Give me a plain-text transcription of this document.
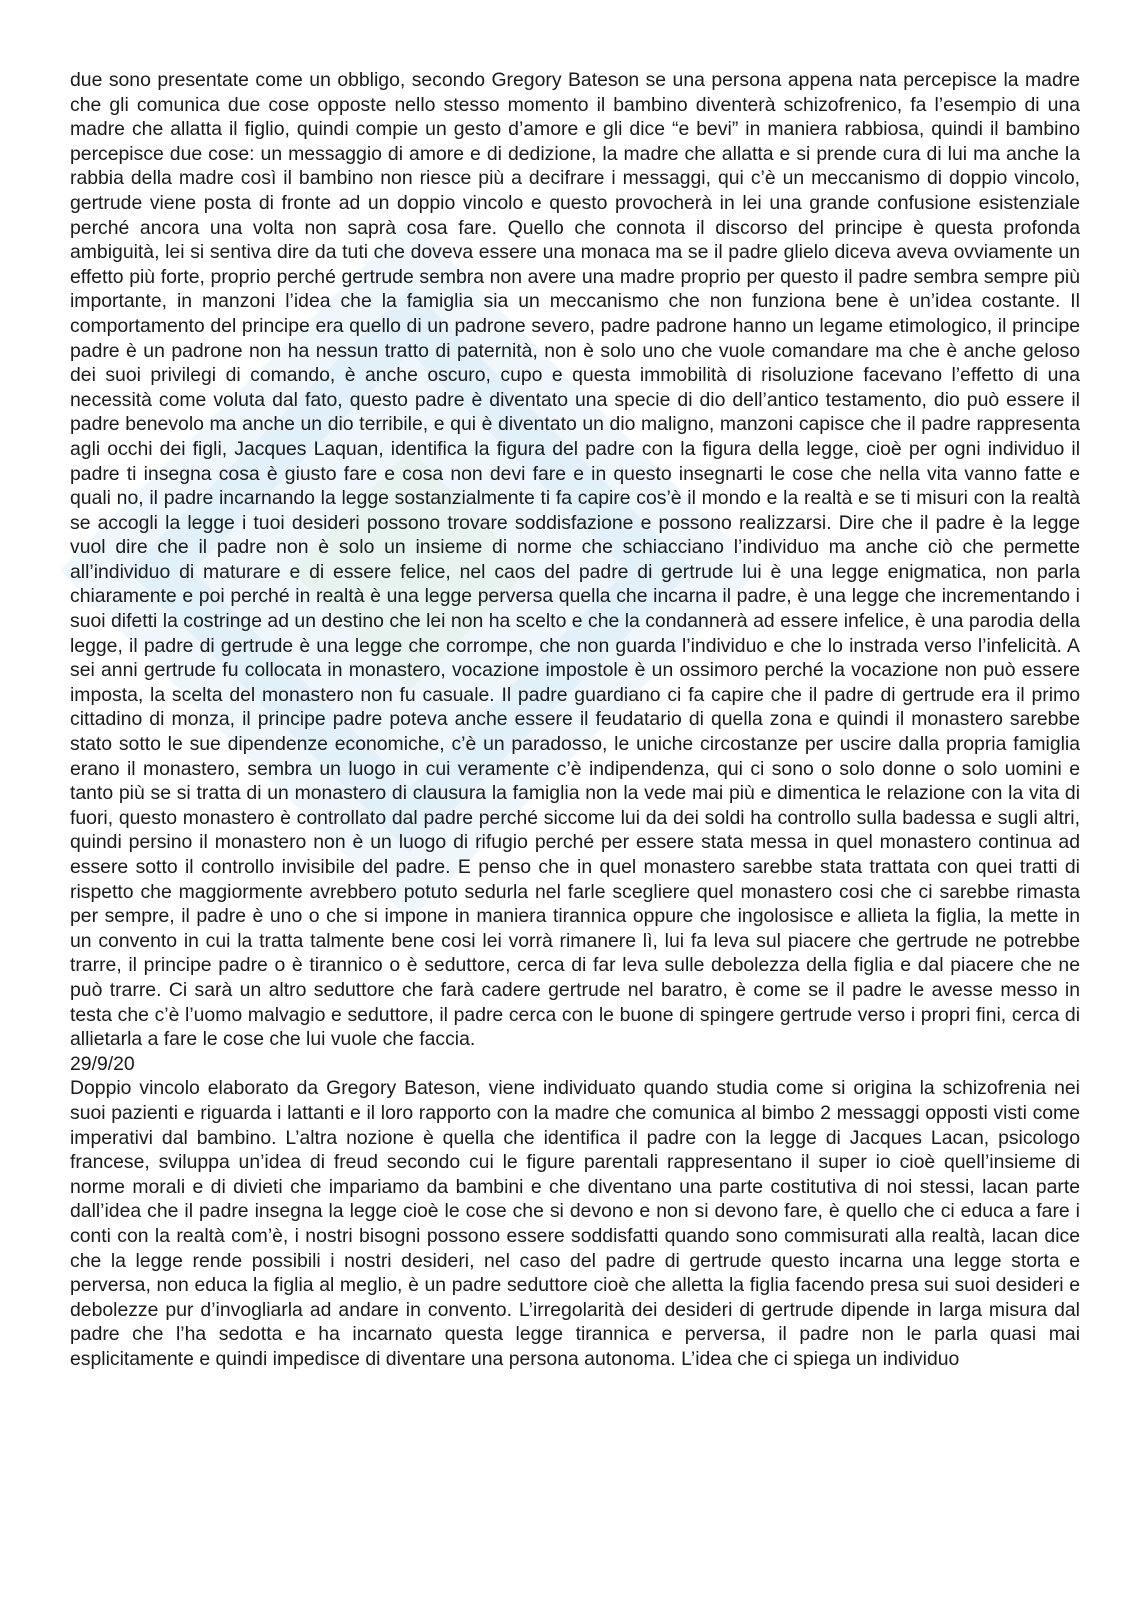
due sono presentate come un obbligo, secondo Gregory Bateson se una persona appena nata percepisce la madre che gli comunica due cose opposte nello stesso momento il bambino diventerà schizofrenico, fa l’esempio di una madre che allatta il figlio, quindi compie un gesto d’amore e gli dice “e bevi” in maniera rabbiosa, quindi il bambino percepisce due cose: un messaggio di amore e di dedizione, la madre che allatta e si prende cura di lui ma anche la rabbia della madre così il bambino non riesce più a decifrare i messaggi, qui c’è un meccanismo di doppio vincolo, gertrude viene posta di fronte ad un doppio vincolo e questo provocherà in lei una grande confusione esistenziale perché ancora una volta non saprà cosa fare. Quello che connota il discorso del principe è questa profonda ambiguità, lei si sentiva dire da tuti che doveva essere una monaca ma se il padre glielo diceva aveva ovviamente un effetto più forte, proprio perché gertrude sembra non avere una madre proprio per questo il padre sembra sempre più importante, in manzoni l’idea che la famiglia sia un meccanismo che non funziona bene è un’idea costante. Il comportamento del principe era quello di un padrone severo, padre padrone hanno un legame etimologico, il principe padre è un padrone non ha nessun tratto di paternità, non è solo uno che vuole comandare ma che è anche geloso dei suoi privilegi di comando, è anche oscuro, cupo e questa immobilità di risoluzione facevano l’effetto di una necessità come voluta dal fato, questo padre è diventato una specie di dio dell’antico testamento, dio può essere il padre benevolo ma anche un dio terribile, e qui è diventato un dio maligno, manzoni capisce che il padre rappresenta agli occhi dei figli, Jacques Laquan, identifica la figura del padre con la figura della legge, cioè per ogni individuo il padre ti insegna cosa è giusto fare e cosa non devi fare e in questo insegnarti le cose che nella vita vanno fatte e quali no, il padre incarnando la legge sostanzialmente ti fa capire cos’è il mondo e la realtà e se ti misuri con la realtà se accogli la legge i tuoi desideri possono trovare soddisfazione e possono realizzarsi. Dire che il padre è la legge vuol dire che il padre non è solo un insieme di norme che schiacciano l’individuo ma anche ciò che permette all’individuo di maturare e di essere felice, nel caos del padre di gertrude lui è una legge enigmatica, non parla chiaramente e poi perché in realtà è una legge perversa quella che incarna il padre, è una legge che incrementando i suoi difetti la costringe ad un destino che lei non ha scelto e che la condannerà ad essere infelice, è una parodia della legge, il padre di gertrude è una legge che corrompe, che non guarda l’individuo e che lo instrada verso l’infelicità. A sei anni gertrude fu collocata in monastero, vocazione impostole è un ossimoro perché la vocazione non può essere imposta, la scelta del monastero non fu casuale. Il padre guardiano ci fa capire che il padre di gertrude era il primo cittadino di monza, il principe padre poteva anche essere il feudatario di quella zona e quindi il monastero sarebbe stato sotto le sue dipendenze economiche, c’è un paradosso, le uniche circostanze per uscire dalla propria famiglia erano il monastero, sembra un luogo in cui veramente c’è indipendenza, qui ci sono o solo donne o solo uomini e tanto più se si tratta di un monastero di clausura la famiglia non la vede mai più e dimentica le relazione con la vita di fuori, questo monastero è controllato dal padre perché siccome lui da dei soldi ha controllo sulla badessa e sugli altri, quindi persino il monastero non è un luogo di rifugio perché per essere stata messa in quel monastero continua ad essere sotto il controllo invisibile del padre. E penso che in quel monastero sarebbe stata trattata con quei tratti di rispetto che maggiormente avrebbero potuto sedurla nel farle scegliere quel monastero cosi che ci sarebbe rimasta per sempre, il padre è uno o che si impone in maniera tirannica oppure che ingolosisce e allieta la figlia, la mette in un convento in cui la tratta talmente bene cosi lei vorrà rimanere lì, lui fa leva sul piacere che gertrude ne potrebbe trarre, il principe padre o è tirannico o è seduttore, cerca di far leva sulle debolezza della figlia e dal piacere che ne può trarre. Ci sarà un altro seduttore che farà cadere gertrude nel baratro, è come se il padre le avesse messo in testa che c’è l’uomo malvagio e seduttore, il padre cerca con le buone di spingere gertrude verso i propri fini, cerca di allietarla a fare le cose che lui vuole che faccia.

29/9/20

Doppio vincolo elaborato da Gregory Bateson, viene individuato quando studia come si origina la schizofrenia nei suoi pazienti e riguarda i lattanti e il loro rapporto con la madre che comunica al bimbo 2 messaggi opposti visti come imperativi dal bambino. L’altra nozione è quella che identifica il padre con la legge di Jacques Lacan, psicologo francese, sviluppa un’idea di freud secondo cui le figure parentali rappresentano il super io cioè quell’insieme di norme morali e di divieti che impariamo da bambini e che diventano una parte costitutiva di noi stessi, lacan parte dall’idea che il padre insegna la legge cioè le cose che si devono e non si devono fare, è quello che ci educa a fare i conti con la realtà com’è, i nostri bisogni possono essere soddisfatti quando sono commisurati alla realtà, lacan dice che la legge rende possibili i nostri desideri, nel caso del padre di gertrude questo incarna una legge storta e perversa, non educa la figlia al meglio, è un padre seduttore cioè che alletta la figlia facendo presa sui suoi desideri e debolezze pur d’invogliarla ad andare in convento. L’irregolarità dei desideri di gertrude dipende in larga misura dal padre che l’ha sedotta e ha incarnato questa legge tirannica e perversa, il padre non le parla quasi mai esplicitamente e quindi impedisce di diventare una persona autonoma. L’idea che ci spiega un individuo
